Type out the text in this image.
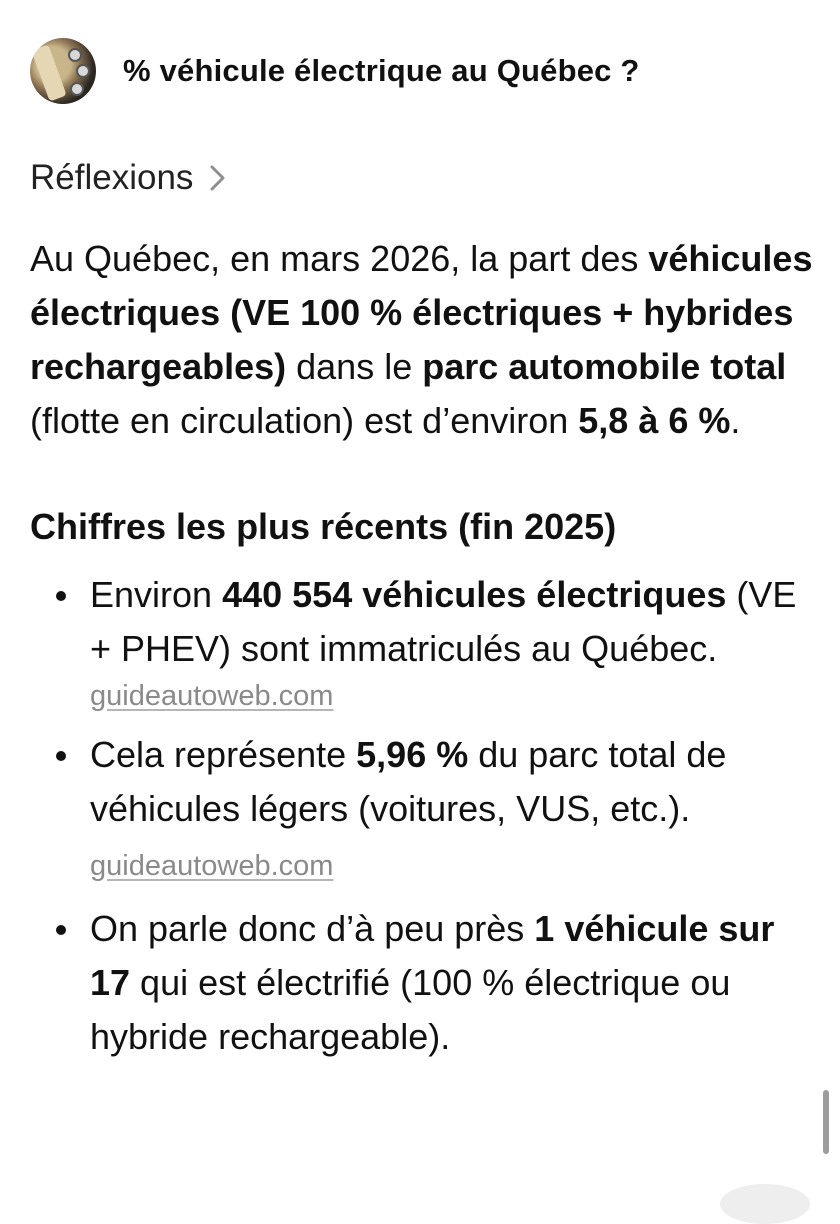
% véhicule électrique au Québec ?
Réflexions

Au Québec, en mars 2026, la part des véhicules électriques (VE 100 % électriques + hybrides rechargeables) dans le parc automobile total (flotte en circulation) est d’environ 5,8 à 6 %.

Chiffres les plus récents (fin 2025)
Environ 440 554 véhicules électriques (VE + PHEV) sont immatriculés au Québec.
guideautoweb.com
Cela représente 5,96 % du parc total de véhicules légers (voitures, VUS, etc.). guideautoweb.com
On parle donc d’à peu près 1 véhicule sur 17 qui est électrifié (100 % électrique ou hybride rechargeable).
